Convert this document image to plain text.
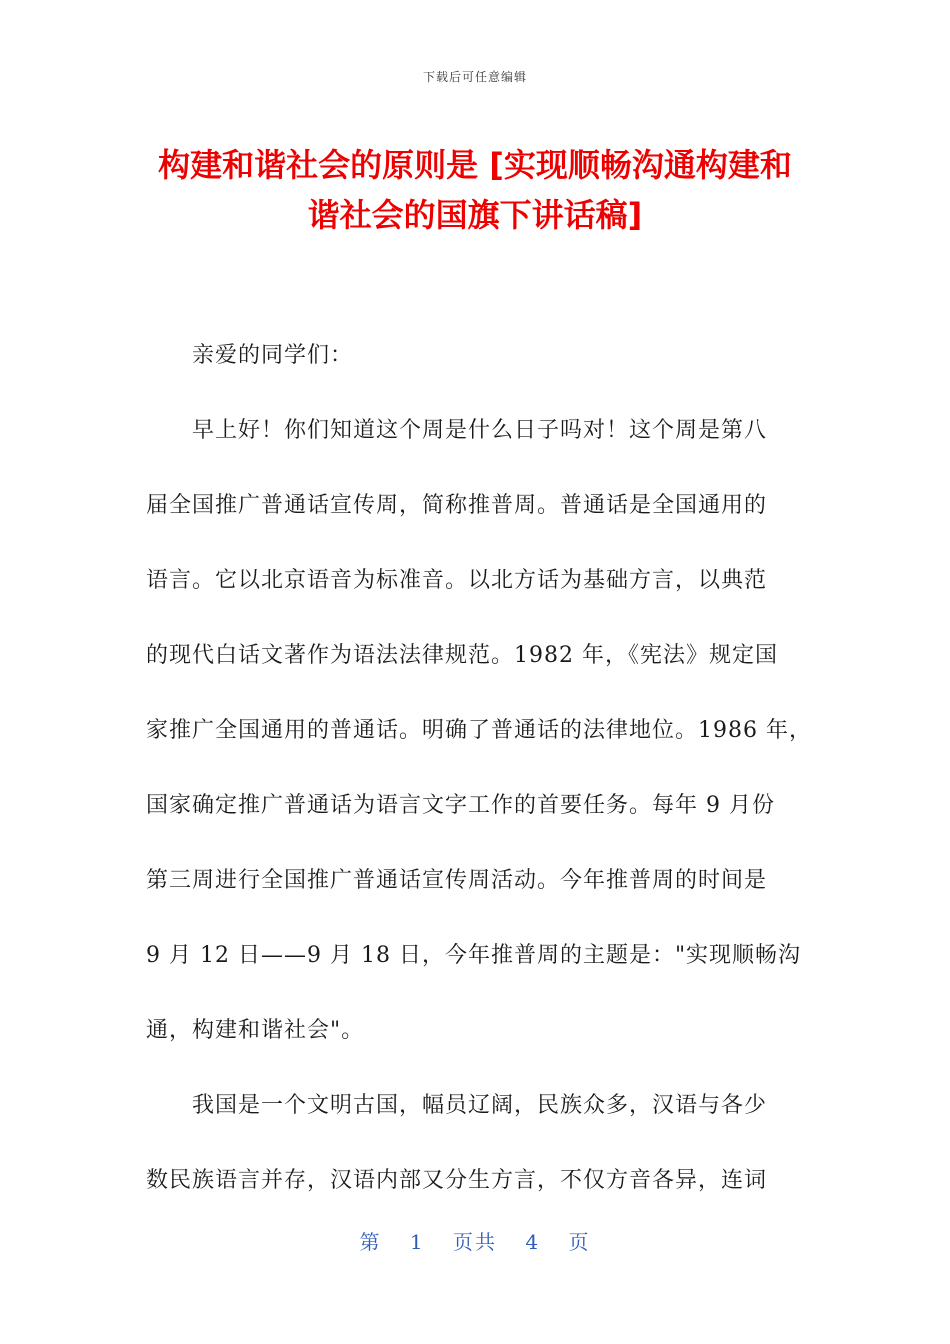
下载后可任意编辑
构建和谐社会的原则是 [实现顺畅沟通构建和
谐社会的国旗下讲话稿]
亲爱的同学们：
早上好！你们知道这个周是什么日子吗对！这个周是第八
届全国推广普通话宣传周，简称推普周。普通话是全国通用的
语言。它以北京语音为标准音。以北方话为基础方言，以典范
的现代白话文著作为语法法律规范。1982 年，《宪法》规定国
家推广全国通用的普通话。明确了普通话的法律地位。1986 年，
国家确定推广普通话为语言文字工作的首要任务。每年 9 月份
第三周进行全国推广普通话宣传周活动。今年推普周的时间是
9 月 12 日——9 月 18 日，今年推普周的主题是："实现顺畅沟
通，构建和谐社会"。
我国是一个文明古国，幅员辽阔，民族众多，汉语与各少
数民族语言并存，汉语内部又分生方言，不仅方音各异，连词
第 1 页共 4 页
